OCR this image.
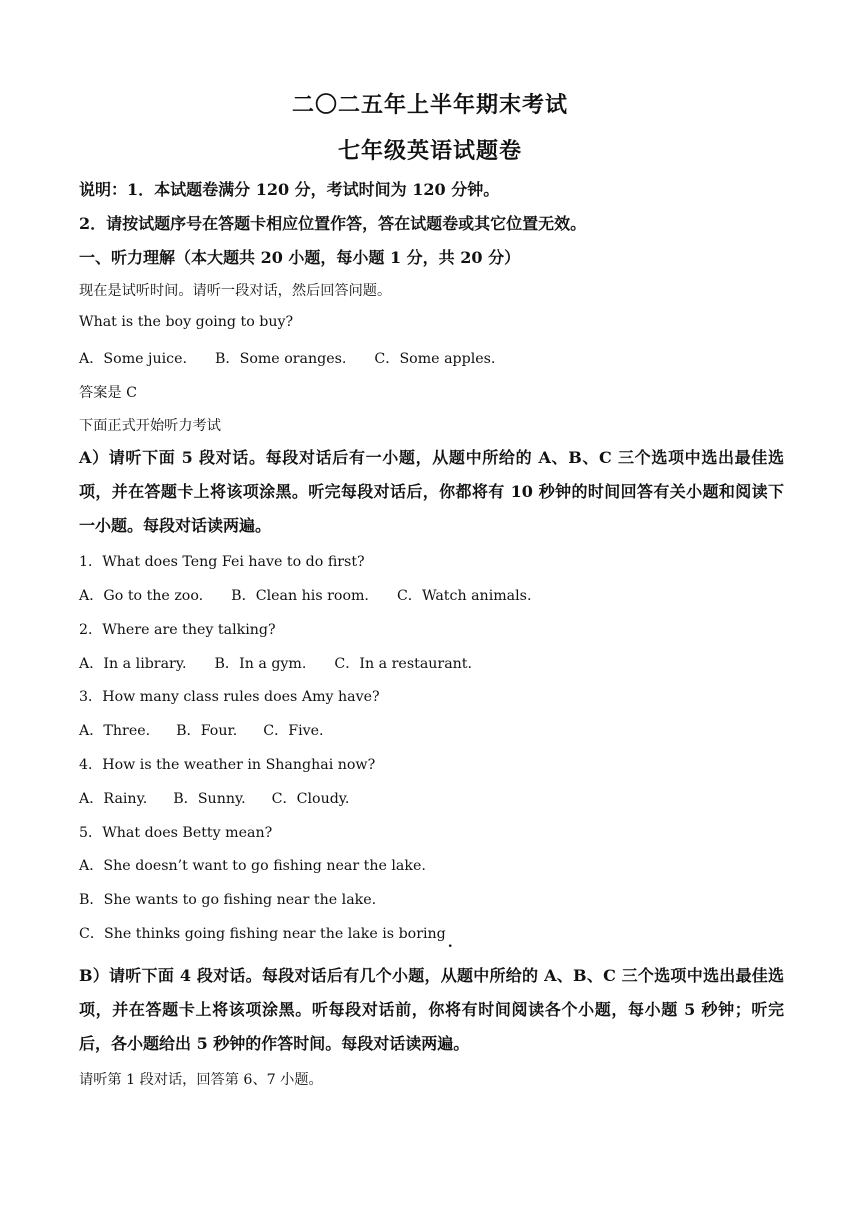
二〇二五年上半年期末考试
七年级英语试题卷
说明：1．本试题卷满分 120 分，考试时间为 120 分钟。
2．请按试题序号在答题卡相应位置作答，答在试题卷或其它位置无效。
一、听力理解（本大题共 20 小题，每小题 1 分，共 20 分）
现在是试听时间。请听一段对话，然后回答问题。
What is the boy going to buy?
A．Some juice. B．Some oranges. C．Some apples.
答案是 C
下面正式开始听力考试
A）请听下面 5 段对话。每段对话后有一小题，从题中所给的 A、B、C 三个选项中选出最佳选项，并在答题卡上将该项涂黑。听完每段对话后，你都将有 10 秒钟的时间回答有关小题和阅读下一小题。每段对话读两遍。
1．What does Teng Fei have to do first?
A．Go to the zoo. B．Clean his room. C．Watch animals.
2．Where are they talking?
A．In a library. B．In a gym. C．In a restaurant.
3．How many class rules does Amy have?
A．Three. B．Four. C．Five.
4．How is the weather in Shanghai now?
A．Rainy. B．Sunny. C．Cloudy.
5．What does Betty mean?
A．She doesn’t want to go fishing near the lake.
B．She wants to go fishing near the lake.
C．She thinks going fishing near the lake is boring.
B）请听下面 4 段对话。每段对话后有几个小题，从题中所给的 A、B、C 三个选项中选出最佳选项，并在答题卡上将该项涂黑。听每段对话前，你将有时间阅读各个小题，每小题 5 秒钟；听完后，各小题给出 5 秒钟的作答时间。每段对话读两遍。
请听第 1 段对话，回答第 6、7 小题。
